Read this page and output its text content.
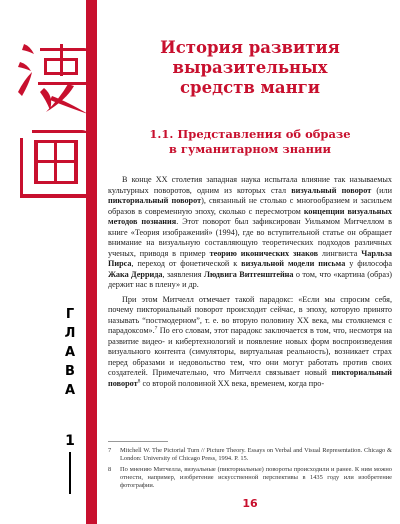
Г
Л
А
В
А
1
История развития
выразительных
средств манги
1.1. Представления об образе
в гуманитарном знании

В конце XX столетия западная наука испытала влияние так называемых культурных поворотов, одним из которых стал визуальный поворот (или пикториальный поворот), связанный не столько с многообразием и засильем образов в современную эпоху, сколько с пересмотром концепции визуальных методов познания. Этот поворот был зафиксирован Уильямом Митчеллом в книге «Теория изображений» (1994), где во вступительной статье он обращает внимание на визуальную составляющую теоретических подходов различных ученых, приводя в пример теорию иконических знаков лингвиста Чарльза Пирса, переход от фонетической к визуальной модели письма у философа Жака Деррида, заявления Людвига Витгенштейна о том, что «картина (образ) держит нас в плену» и др.

При этом Митчелл отмечает такой парадокс: «Если мы спросим себя, почему пикториальный поворот происходит сейчас, в эпоху, которую принято называть “постмодерном”, т. е. во вторую половину XX века, мы столкнемся с парадоксом».$^7$ По его словам, этот парадокс заключается в том, что, несмотря на развитие видео- и кибертехнологий и появление новых форм воспроизведения визуального контента (симуляторы, виртуальная реальность), возникает страх перед образами и недовольство тем, что они могут работать против своих создателей. Примечательно, что Митчелл связывает новый пикториальный поворот$^8$ со второй половиной XX века, временем, когда про-

7	Mitchell W. The Pictorial Turn // Picture Theory. Essays on Verbal and Visual Representation. Chicago & London: University of Chicago Press, 1994. P. 15.
8	По мнению Митчелла, визуальные (пикториальные) повороты происходили и ранее. К ним можно отнести, например, изобретение искусственной перспективы в 1435 году или изобретение фотографии.
16
